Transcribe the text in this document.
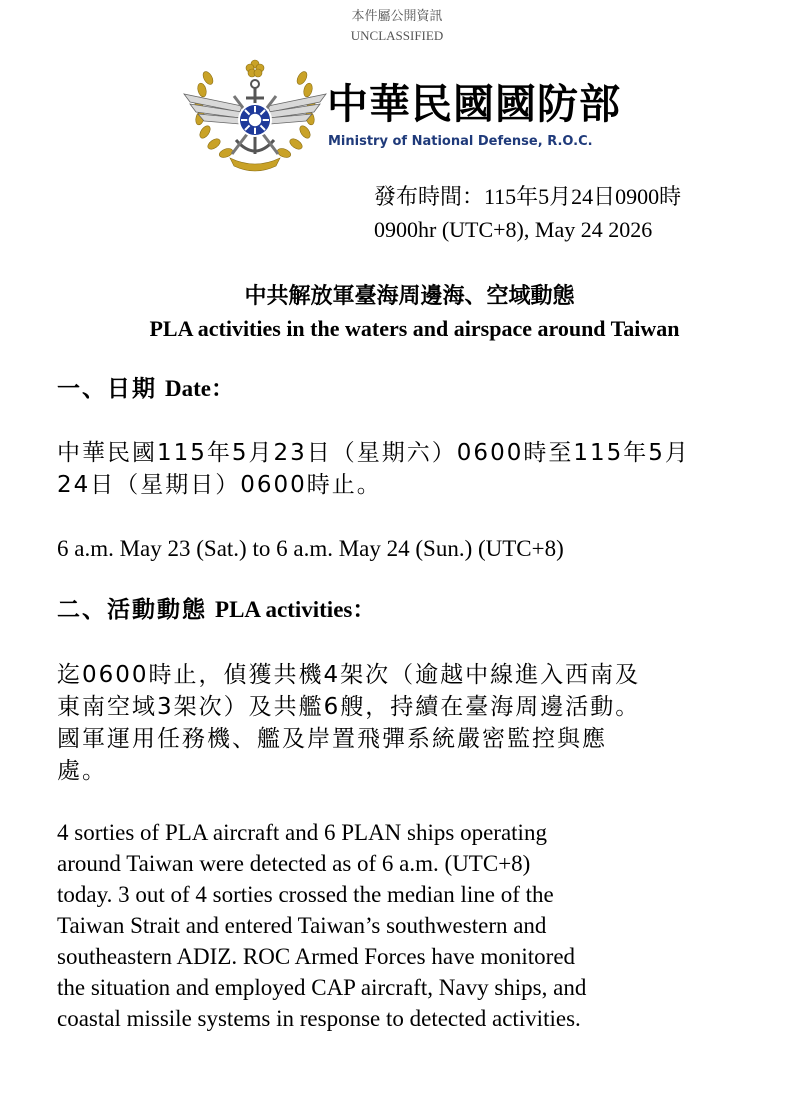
本件屬公開資訊
UNCLASSIFIED
中華民國國防部
Ministry of National Defense, R.O.C.
發布時間：115年5月24日0900時
0900hr (UTC+8), May 24 2026
中共解放軍臺海周邊海、空域動態
PLA activities in the waters and airspace around Taiwan
一、日期 Date：
中華民國115年5月23日（星期六）0600時至115年5月
24日（星期日）0600時止。
6 a.m. May 23 (Sat.) to 6 a.m. May 24 (Sun.) (UTC+8)
二、活動動態 PLA activities：
迄0600時止，偵獲共機4架次（逾越中線進入西南及
東南空域3架次）及共艦6艘，持續在臺海周邊活動。
國軍運用任務機、艦及岸置飛彈系統嚴密監控與應
處。
4 sorties of PLA aircraft and 6 PLAN ships operating
around Taiwan were detected as of 6 a.m. (UTC+8)
today. 3 out of 4 sorties crossed the median line of the
Taiwan Strait and entered Taiwan’s southwestern and
southeastern ADIZ. ROC Armed Forces have monitored
the situation and employed CAP aircraft, Navy ships, and
coastal missile systems in response to detected activities.
